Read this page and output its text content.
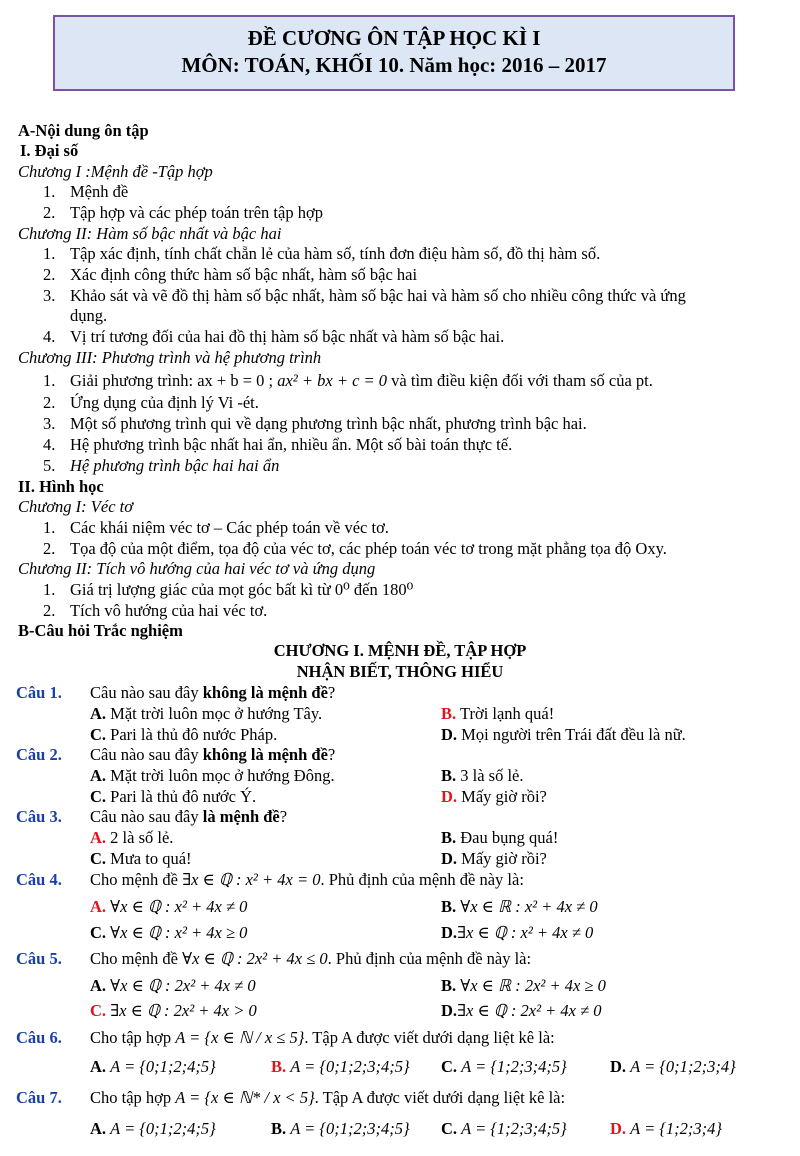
ĐỀ CƯƠNG ÔN TẬP HỌC KÌ I
MÔN: TOÁN, KHỐI 10. Năm học: 2016 – 2017
A-Nội dung ôn tập
I. Đại số
Chương I :Mệnh đề -Tập hợp
1. Mệnh đề
2. Tập hợp và các phép toán trên tập hợp
Chương II: Hàm số bậc nhất và bậc hai
1. Tập xác định, tính chất chẵn lẻ của hàm số, tính đơn điệu hàm số, đồ thị hàm số.
2. Xác định công thức hàm số bậc nhất, hàm số bậc hai
3. Khảo sát và vẽ đồ thị hàm số bậc nhất, hàm số bậc hai và hàm số cho nhiều công thức và ứng
dụng.
4. Vị trí tương đối của hai đồ thị hàm số bậc nhất và hàm số bậc hai.
Chương III: Phương trình và hệ phương trình
1. Giải phương trình: ax + b = 0 ; ax² + bx + c = 0 và tìm điều kiện đối với tham số của pt.
2. Ứng dụng của định lý Vi -ét.
3. Một số phương trình qui về dạng phương trình bậc nhất, phương trình bậc hai.
4. Hệ phương trình bậc nhất hai ẩn, nhiều ẩn. Một số bài toán thực tế.
5. Hệ phương trình bậc hai hai ẩn
II. Hình học
Chương I: Véc tơ
1. Các khái niệm véc tơ – Các phép toán về véc tơ.
2. Tọa độ của một điểm, tọa độ của véc tơ, các phép toán véc tơ trong mặt phẳng tọa độ Oxy.
Chương II: Tích vô hướng của hai véc tơ và ứng dụng
1. Giá trị lượng giác của mọt góc bất kì từ 0⁰ đến 180⁰
2. Tích vô hướng của hai véc tơ.
B-Câu hỏi Trắc nghiệm
CHƯƠNG I. MỆNH ĐỀ, TẬP HỢP
NHẬN BIẾT, THÔNG HIỂU
Câu 1. Câu nào sau đây không là mệnh đề?
A. Mặt trời luôn mọc ở hướng Tây.	B. Trời lạnh quá!
C. Pari là thủ đô nước Pháp.	D. Mọi người trên Trái đất đều là nữ.
Câu 2. Câu nào sau đây không là mệnh đề?
A. Mặt trời luôn mọc ở hướng Đông.	B. 3 là số lẻ.
C. Pari là thủ đô nước Ý.	D. Mấy giờ rồi?
Câu 3. Câu nào sau đây là mệnh đề?
A. 2 là số lẻ.	B. Đau bụng quá!
C. Mưa to quá!	D. Mấy giờ rồi?
Câu 4. Cho mệnh đề ∃x ∈ ℚ : x² + 4x = 0. Phủ định của mệnh đề này là:
A. ∀x ∈ ℚ : x² + 4x ≠ 0	B. ∀x ∈ ℝ : x² + 4x ≠ 0
C. ∀x ∈ ℚ : x² + 4x ≥ 0	D.∃x ∈ ℚ : x² + 4x ≠ 0
Câu 5. Cho mệnh đề ∀x ∈ ℚ : 2x² + 4x ≤ 0. Phủ định của mệnh đề này là:
A. ∀x ∈ ℚ : 2x² + 4x ≠ 0	B. ∀x ∈ ℝ : 2x² + 4x ≥ 0
C. ∃x ∈ ℚ : 2x² + 4x > 0	D.∃x ∈ ℚ : 2x² + 4x ≠ 0
Câu 6. Cho tập hợp A = {x ∈ ℕ / x ≤ 5}. Tập A được viết dưới dạng liệt kê là:
A. A = {0;1;2;4;5}	B. A = {0;1;2;3;4;5} C. A = {1;2;3;4;5}	D. A = {0;1;2;3;4}
Câu 7. Cho tập hợp A = {x ∈ ℕ* / x < 5}. Tập A được viết dưới dạng liệt kê là:
A. A = {0;1;2;4;5}	B. A = {0;1;2;3;4;5} C. A = {1;2;3;4;5}	D. A = {1;2;3;4}
